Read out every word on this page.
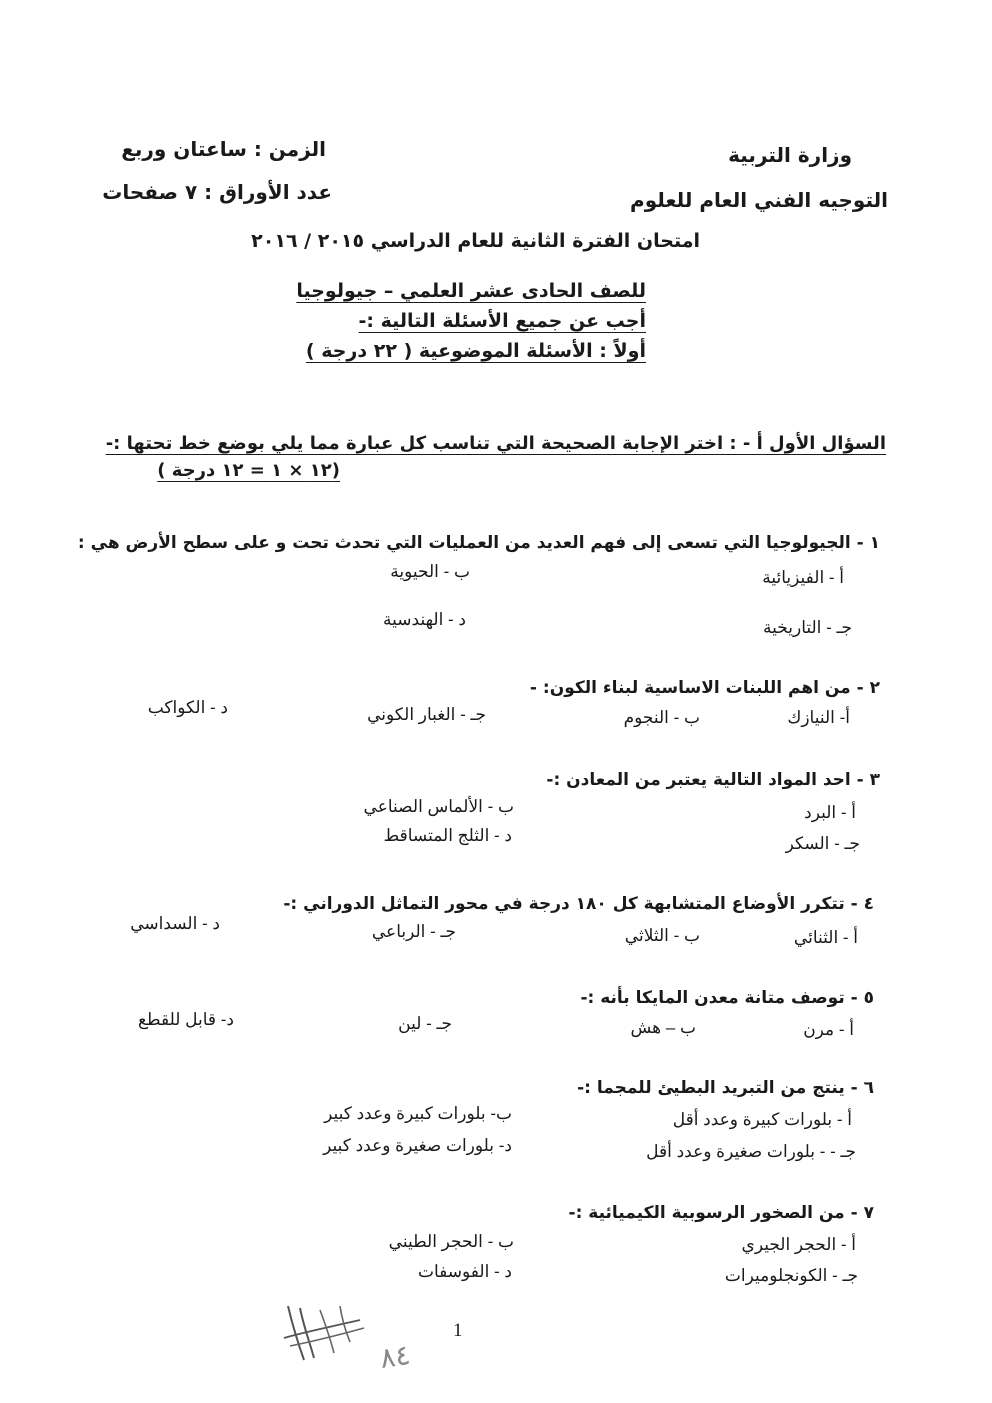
وزارة التربية
التوجيه الفني العام للعلوم
الزمن : ساعتان وربع
عدد الأوراق : ٧ صفحات
امتحان الفترة الثانية للعام الدراسي ٢٠١٥ / ٢٠١٦
للصف الحادى عشر العلمي – جيولوجيا
أجب عن جميع الأسئلة التالية :-
أولاً : الأسئلة الموضوعية ( ٢٢ درجة )
السؤال الأول أ - : اختر الإجابة الصحيحة التي تناسب كل عبارة مما يلي بوضع خط تحتها :-
(١٢ × ١ = ١٢ درجة )
١ - الجيولوجيا التي تسعى إلى فهم العديد من العمليات التي تحدث تحت و على سطح الأرض هي :
أ - الفيزيائية
ب - الحيوية
جـ - التاريخية
د - الهندسية
٢ - من اهم اللبنات الاساسية لبناء الكون: -
أ- النيازك
ب - النجوم
جـ - الغبار الكوني
د - الكواكب
٣ - احد المواد التالية يعتبر من المعادن :-
أ - البرد
ب - الألماس الصناعي
جـ - السكر
د - الثلج المتساقط
٤ - تتكرر الأوضاع المتشابهة كل ١٨٠ درجة في محور التماثل الدوراني :-
أ - الثنائي
ب - الثلاثي
جـ - الرباعي
د - السداسي
٥ - توصف متانة معدن المايكا بأنه :-
أ - مرن
ب – هش
جـ - لين
د- قابل للقطع
٦ - ينتج من التبريد البطيئ للمجما :-
أ - بلورات كبيرة وعدد أقل
ب- بلورات كبيرة وعدد كبير
جـ - - بلورات صغيرة وعدد أقل
د- بلورات صغيرة وعدد كبير
٧ - من الصخور الرسوبية الكيميائية :-
أ - الحجر الجيري
ب - الحجر الطيني
جـ - الكونجلوميرات
د - الفوسفات
1
٨٤
